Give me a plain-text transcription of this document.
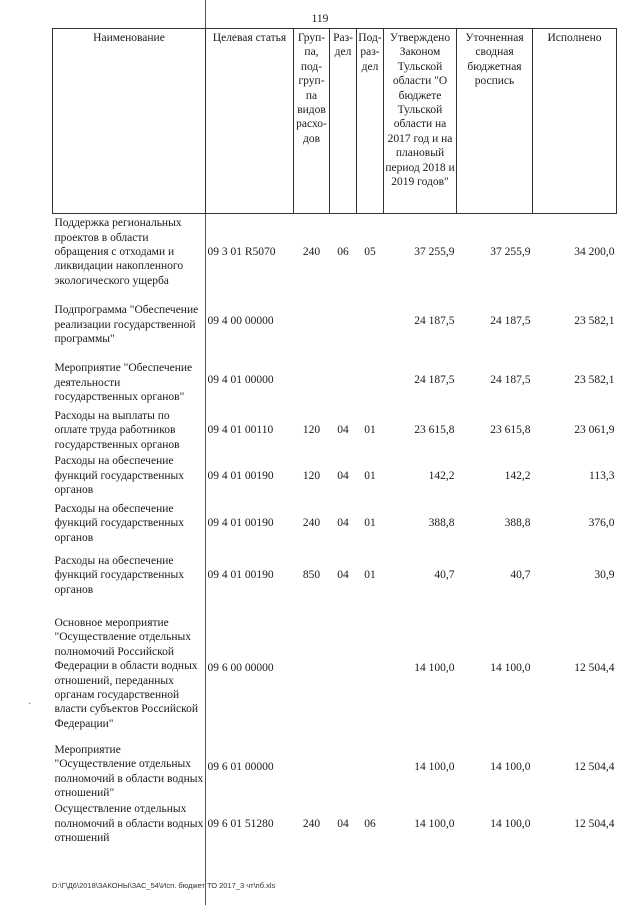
119
·
Наименование	Целевая статья	Груп-па, под-груп-па видов расхо-дов	Раз-дел	Под-раз-дел	Утверждено Законом Тульской области "О бюджете Тульской области на 2017 год и на плановый период 2018 и 2019 годов"	Уточненная сводная бюджетная роспись	Исполнено
Поддержка региональных проектов в области обращения с отходами и ликвидации накопленного экологического ущерба	09 3 01 R5070	240	06	05	37 255,9	37 255,9	34 200,0
Подпрограмма "Обеспечение реализации государственной программы"	09 4 00 00000				24 187,5	24 187,5	23 582,1
Мероприятие "Обеспечение деятельности государственных органов"	09 4 01 00000				24 187,5	24 187,5	23 582,1
Расходы на выплаты по оплате труда работников государственных органов	09 4 01 00110	120	04	01	23 615,8	23 615,8	23 061,9
Расходы на обеспечение функций государственных органов	09 4 01 00190	120	04	01	142,2	142,2	113,3
Расходы на обеспечение функций государственных органов	09 4 01 00190	240	04	01	388,8	388,8	376,0
Расходы на обеспечение функций государственных органов	09 4 01 00190	850	04	01	40,7	40,7	30,9
Основное мероприятие "Осуществление отдельных полномочий Российской Федерации в области водных отношений, переданных органам государственной власти субъектов Российской Федерации"	09 6 00 00000				14 100,0	14 100,0	12 504,4
Мероприятие "Осуществление отдельных полномочий в области водных отношений"	09 6 01 00000				14 100,0	14 100,0	12 504,4
Осуществление отдельных полномочий в области водных отношений	09 6 01 51280	240	04	06	14 100,0	14 100,0	12 504,4
D:\Г\Д6\2018\ЗАКОНЫ\ЗАС_54\Исп. бюджет ТО 2017_3 чт\пб.xls
